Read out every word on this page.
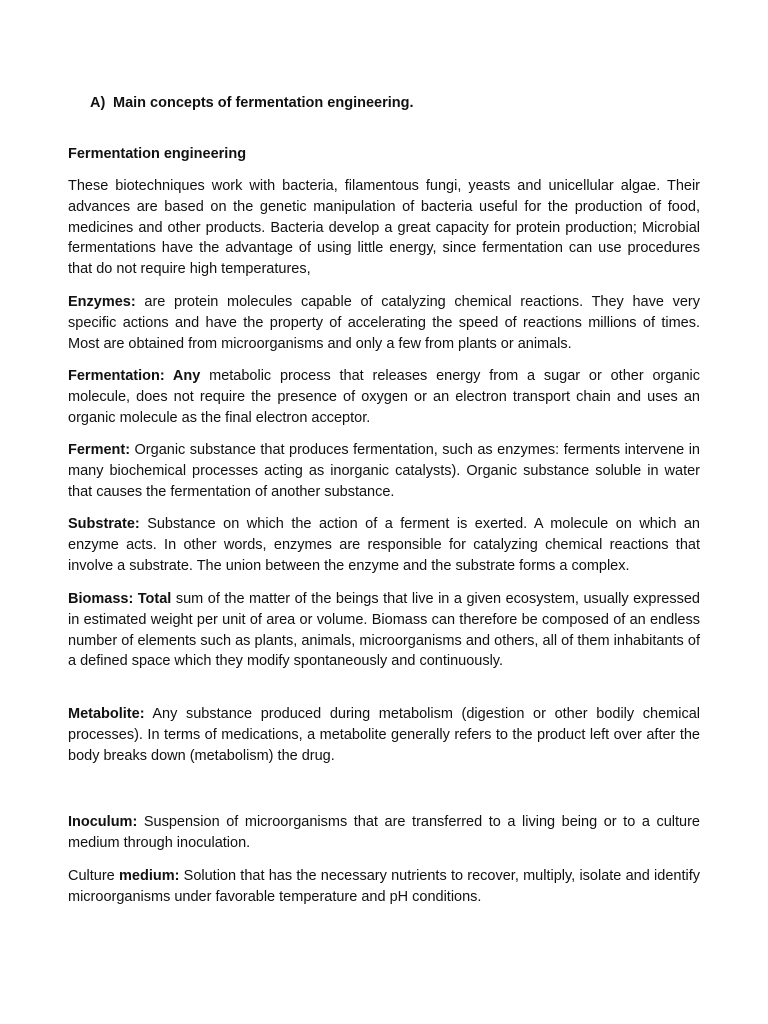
A) Main concepts of fermentation engineering.
Fermentation engineering

These biotechniques work with bacteria, filamentous fungi, yeasts and unicellular algae. Their advances are based on the genetic manipulation of bacteria useful for the production of food, medicines and other products. Bacteria develop a great capacity for protein production; Microbial fermentations have the advantage of using little energy, since fermentation can use procedures that do not require high temperatures,

Enzymes: are protein molecules capable of catalyzing chemical reactions. They have very specific actions and have the property of accelerating the speed of reactions millions of times. Most are obtained from microorganisms and only a few from plants or animals.

Fermentation: Any metabolic process that releases energy from a sugar or other organic molecule, does not require the presence of oxygen or an electron transport chain and uses an organic molecule as the final electron acceptor.

Ferment: Organic substance that produces fermentation, such as enzymes: ferments intervene in many biochemical processes acting as inorganic catalysts). Organic substance soluble in water that causes the fermentation of another substance.

Substrate: Substance on which the action of a ferment is exerted. A molecule on which an enzyme acts. In other words, enzymes are responsible for catalyzing chemical reactions that involve a substrate. The union between the enzyme and the substrate forms a complex.

Biomass: Total sum of the matter of the beings that live in a given ecosystem, usually expressed in estimated weight per unit of area or volume. Biomass can therefore be composed of an endless number of elements such as plants, animals, microorganisms and others, all of them inhabitants of a defined space which they modify spontaneously and continuously.

Metabolite: Any substance produced during metabolism (digestion or other bodily chemical processes). In terms of medications, a metabolite generally refers to the product left over after the body breaks down (metabolism) the drug.

Inoculum: Suspension of microorganisms that are transferred to a living being or to a culture medium through inoculation.

Culture medium: Solution that has the necessary nutrients to recover, multiply, isolate and identify microorganisms under favorable temperature and pH conditions.
